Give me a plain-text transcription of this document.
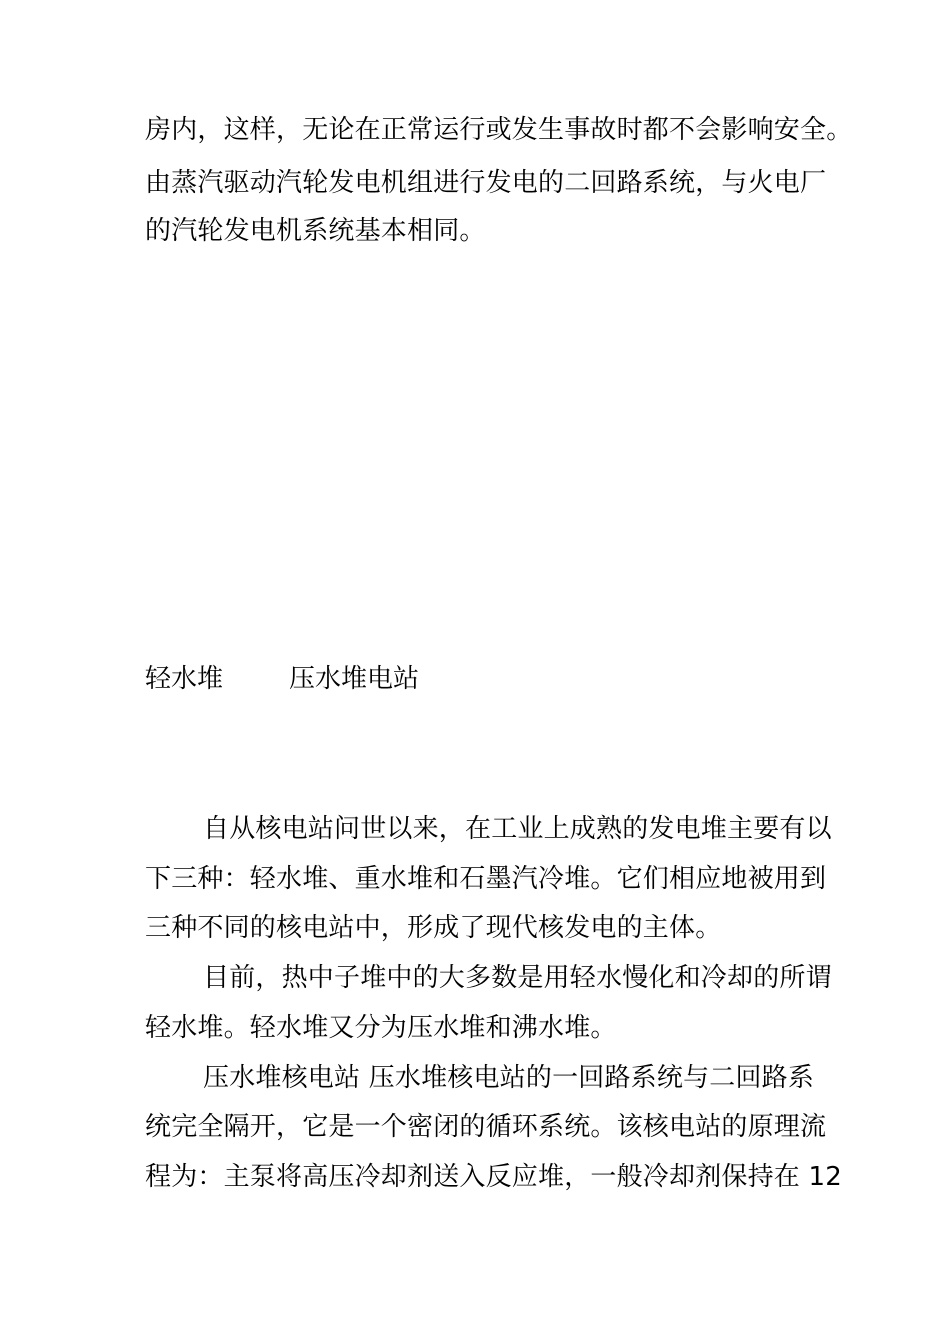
房内，这样，无论在正常运行或发生事故时都不会影响安全。
由蒸汽驱动汽轮发电机组进行发电的二回路系统，与火电厂
的汽轮发电机系统基本相同。
轻水堆	压水堆电站
自从核电站问世以来，在工业上成熟的发电堆主要有以
下三种：轻水堆、重水堆和石墨汽冷堆。它们相应地被用到
三种不同的核电站中，形成了现代核发电的主体。
目前，热中子堆中的大多数是用轻水慢化和冷却的所谓
轻水堆。轻水堆又分为压水堆和沸水堆。
压水堆核电站 压水堆核电站的一回路系统与二回路系
统完全隔开，它是一个密闭的循环系统。该核电站的原理流
程为：主泵将高压冷却剂送入反应堆，一般冷却剂保持在 12
